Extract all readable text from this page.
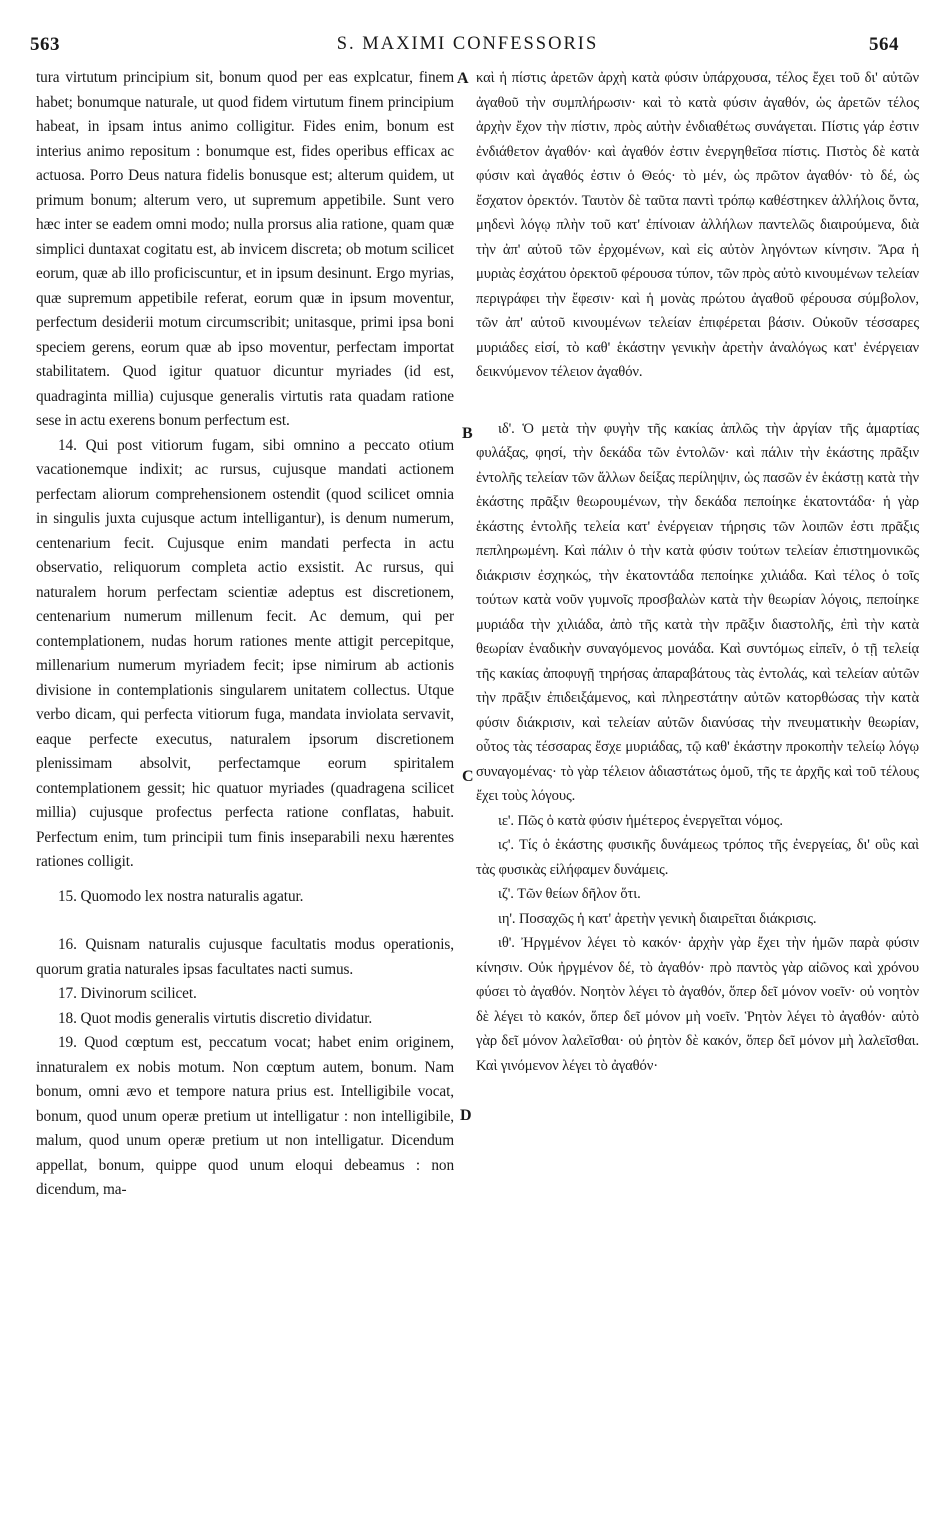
563	S. MAXIMI CONFESSORIS	564

tura virtutum principium sit, bonum quod per eas explcatur, finem habet; bonumque naturale, ut quod fidem virtutum finem principium habeat, in ipsam intus animo colligitur. Fides enim, bonum est interius animo repositum : bonumque est, fides operibus efficax ac actuosa. Porro Deus natura fidelis bonusque est; alterum quidem, ut primum bonum; alterum vero, ut supremum appetibile. Sunt vero hæc inter se eadem omni modo; nulla prorsus alia ratione, quam quæ simplici duntaxat cogitatu est, ab invicem discreta; ob motum scilicet eorum, quæ ab illo proficiscuntur, et in ipsum desinunt. Ergo myrias, quæ supremum appetibile referat, eorum quæ in ipsum moventur, perfectum desiderii motum circumscribit; unitasque, primi ipsa boni speciem gerens, eorum quæ ab ipso moventur, perfectam importat stabilitatem. Quod igitur quatuor dicuntur myriades (id est, quadraginta millia) cujusque generalis virtutis rata quadam ratione sese in actu exerens bonum perfectum est.

14. Qui post vitiorum fugam, sibi omnino a peccato otium vacationemque indixit; ac rursus, cujusque mandati actionem perfectam aliorum comprehensionem ostendit (quod scilicet omnia in singulis juxta cujusque actum intelligantur), is denum numerum, centenarium fecit. Cujusque enim mandati perfecta in actu observatio, reliquorum completa actio exsistit. Ac rursus, qui naturalem horum perfectam scientiæ adeptus est discretionem, centenarium numerum millenum fecit. Ac demum, qui per contemplationem, nudas horum rationes mente attigit percepitque, millenarium numerum myriadem fecit; ipse nimirum ab actionis divisione in contemplationis singularem unitatem collectus. Utque verbo dicam, qui perfecta vitiorum fuga, mandata inviolata servavit, eaque perfecte executus, naturalem ipsorum discretionem plenissimam absolvit, perfectamque eorum spiritalem contemplationem gessit; hic quatuor myriades (quadragena scilicet millia) cujusque profectus perfecta ratione conflatas, habuit. Perfectum enim, tum principii tum finis inseparabili nexu hærentes rationes colligit.

15. Quomodo lex nostra naturalis agatur.

16. Quisnam naturalis cujusque facultatis modus operationis, quorum gratia naturales ipsas facultates nacti sumus.

17. Divinorum scilicet.

18. Quot modis generalis virtutis discretio dividatur.

19. Quod cœptum est, peccatum vocat; habet enim originem, innaturalem ex nobis motum. Non cœptum autem, bonum. Nam bonum, omni ævo et tempore natura prius est. Intelligibile vocat, bonum, quod unum operæ pretium ut intelligatur : non intelligibile, malum, quod unum operæ pretium ut non intelligatur. Dicendum appellat, bonum, quippe quod unum eloqui debeamus : non dicendum, ma-

A
B
C
D

καὶ ἡ πίστις ἀρετῶν ἀρχὴ κατὰ φύσιν ὑπάρχουσα, τέλος ἔχει τοῦ δι' αὐτῶν ἀγαθοῦ τὴν συμπλήρωσιν· καὶ τὸ κατὰ φύσιν ἀγαθόν, ὡς ἀρετῶν τέλος ἀρχὴν ἔχον τὴν πίστιν, πρὸς αὐτὴν ἐνδιαθέτως συνάγεται. Πίστις γάρ ἐστιν ἐνδιάθετον ἀγαθόν· καὶ ἀγαθόν ἐστιν ἐνεργηθεῖσα πίστις. Πιστὸς δὲ κατὰ φύσιν καὶ ἀγαθός ἐστιν ὁ Θεός· τὸ μέν, ὡς πρῶτον ἀγαθόν· τὸ δέ, ὡς ἔσχατον ὀρεκτόν. Ταυτὸν δὲ ταῦτα παντὶ τρόπῳ καθέστηκεν ἀλλήλοις ὄντα, μηδενὶ λόγῳ πλὴν τοῦ κατ' ἐπίνοιαν ἀλλήλων παντελῶς διαιρούμενα, διὰ τὴν ἀπ' αὐτοῦ τῶν ἐρχομένων, καὶ εἰς αὐτὸν ληγόντων κίνησιν. Ἄρα ἡ μυριὰς ἐσχάτου ὀρεκτοῦ φέρουσα τύπον, τῶν πρὸς αὐτὸ κινουμένων τελείαν περιγράφει τὴν ἔφεσιν· καὶ ἡ μονὰς πρώτου ἀγαθοῦ φέρουσα σύμβολον, τῶν ἀπ' αὐτοῦ κινουμένων τελείαν ἐπιφέρεται βάσιν. Οὐκοῦν τέσσαρες μυριάδες εἰσί, τὸ καθ' ἑκάστην γενικὴν ἀρετὴν ἀναλόγως κατ' ἐνέργειαν δεικνύμενον τέλειον ἀγαθόν.

ιδ'. Ὁ μετὰ τὴν φυγὴν τῆς κακίας ἁπλῶς τὴν ἀργίαν τῆς ἁμαρτίας φυλάξας, φησί, τὴν δεκάδα τῶν ἐντολῶν· καὶ πάλιν τὴν ἑκάστης πρᾶξιν ἐντολῆς τελείαν τῶν ἄλλων δείξας περίληψιν, ὡς πασῶν ἐν ἑκάστῃ κατὰ τὴν ἑκάστης πρᾶξιν θεωρουμένων, τὴν δεκάδα πεποίηκε ἑκατοντάδα· ἡ γὰρ ἑκάστης ἐντολῆς τελεία κατ' ἐνέργειαν τήρησις τῶν λοιπῶν ἐστι πρᾶξις πεπληρωμένη. Καὶ πάλιν ὁ τὴν κατὰ φύσιν τούτων τελείαν ἐπιστημονικῶς διάκρισιν ἐσχηκώς, τὴν ἑκατοντάδα πεποίηκε χιλιάδα. Καὶ τέλος ὁ τοῖς τούτων κατὰ νοῦν γυμνοῖς προσβαλὼν κατὰ τὴν θεωρίαν λόγοις, πεποίηκε μυριάδα τὴν χιλιάδα, ἀπὸ τῆς κατὰ τὴν πρᾶξιν διαστολῆς, ἐπὶ τὴν κατὰ θεωρίαν ἑναδικὴν συναγόμενος μονάδα. Καὶ συντόμως εἰπεῖν, ὁ τῇ τελείᾳ τῆς κακίας ἀποφυγῇ τηρήσας ἀπαραβάτους τὰς ἐντολάς, καὶ τελείαν αὐτῶν τὴν πρᾶξιν ἐπιδειξάμενος, καὶ πληρεστάτην αὐτῶν κατορθώσας τὴν κατὰ φύσιν διάκρισιν, καὶ τελείαν αὐτῶν διανύσας τὴν πνευματικὴν θεωρίαν, οὗτος τὰς τέσσαρας ἔσχε μυριάδας, τῷ καθ' ἑκάστην προκοπὴν τελείῳ λόγῳ συναγομένας· τὸ γὰρ τέλειον ἀδιαστάτως ὁμοῦ, τῆς τε ἀρχῆς καὶ τοῦ τέλους ἔχει τοὺς λόγους.

ιε'. Πῶς ὁ κατὰ φύσιν ἡμέτερος ἐνεργεῖται νόμος.

ιϛ'. Τίς ὁ ἑκάστης φυσικῆς δυνάμεως τρόπος τῆς ἐνεργείας, δι' οὓς καὶ τὰς φυσικὰς εἰλήφαμεν δυνάμεις.

ιζ'. Τῶν θείων δῆλον ὅτι.

ιη'. Ποσαχῶς ἡ κατ' ἀρετὴν γενικὴ διαιρεῖται διάκρισις.

ιθ'. Ἠργμένον λέγει τὸ κακόν· ἀρχὴν γὰρ ἔχει τὴν ἡμῶν παρὰ φύσιν κίνησιν. Οὐκ ἠργμένον δέ, τὸ ἀγαθόν· πρὸ παντὸς γὰρ αἰῶνος καὶ χρόνου φύσει τὸ ἀγαθόν. Νοητὸν λέγει τὸ ἀγαθόν, ὅπερ δεῖ μόνον νοεῖν· οὐ νοητὸν δὲ λέγει τὸ κακόν, ὅπερ δεῖ μόνον μὴ νοεῖν. Ῥητὸν λέγει τὸ ἀγαθόν· αὐτὸ γὰρ δεῖ μόνον λαλεῖσθαι· οὐ ῥητὸν δὲ κακόν, ὅπερ δεῖ μόνον μὴ λαλεῖσθαι. Καὶ γινόμενον λέγει τὸ ἀγαθόν·
